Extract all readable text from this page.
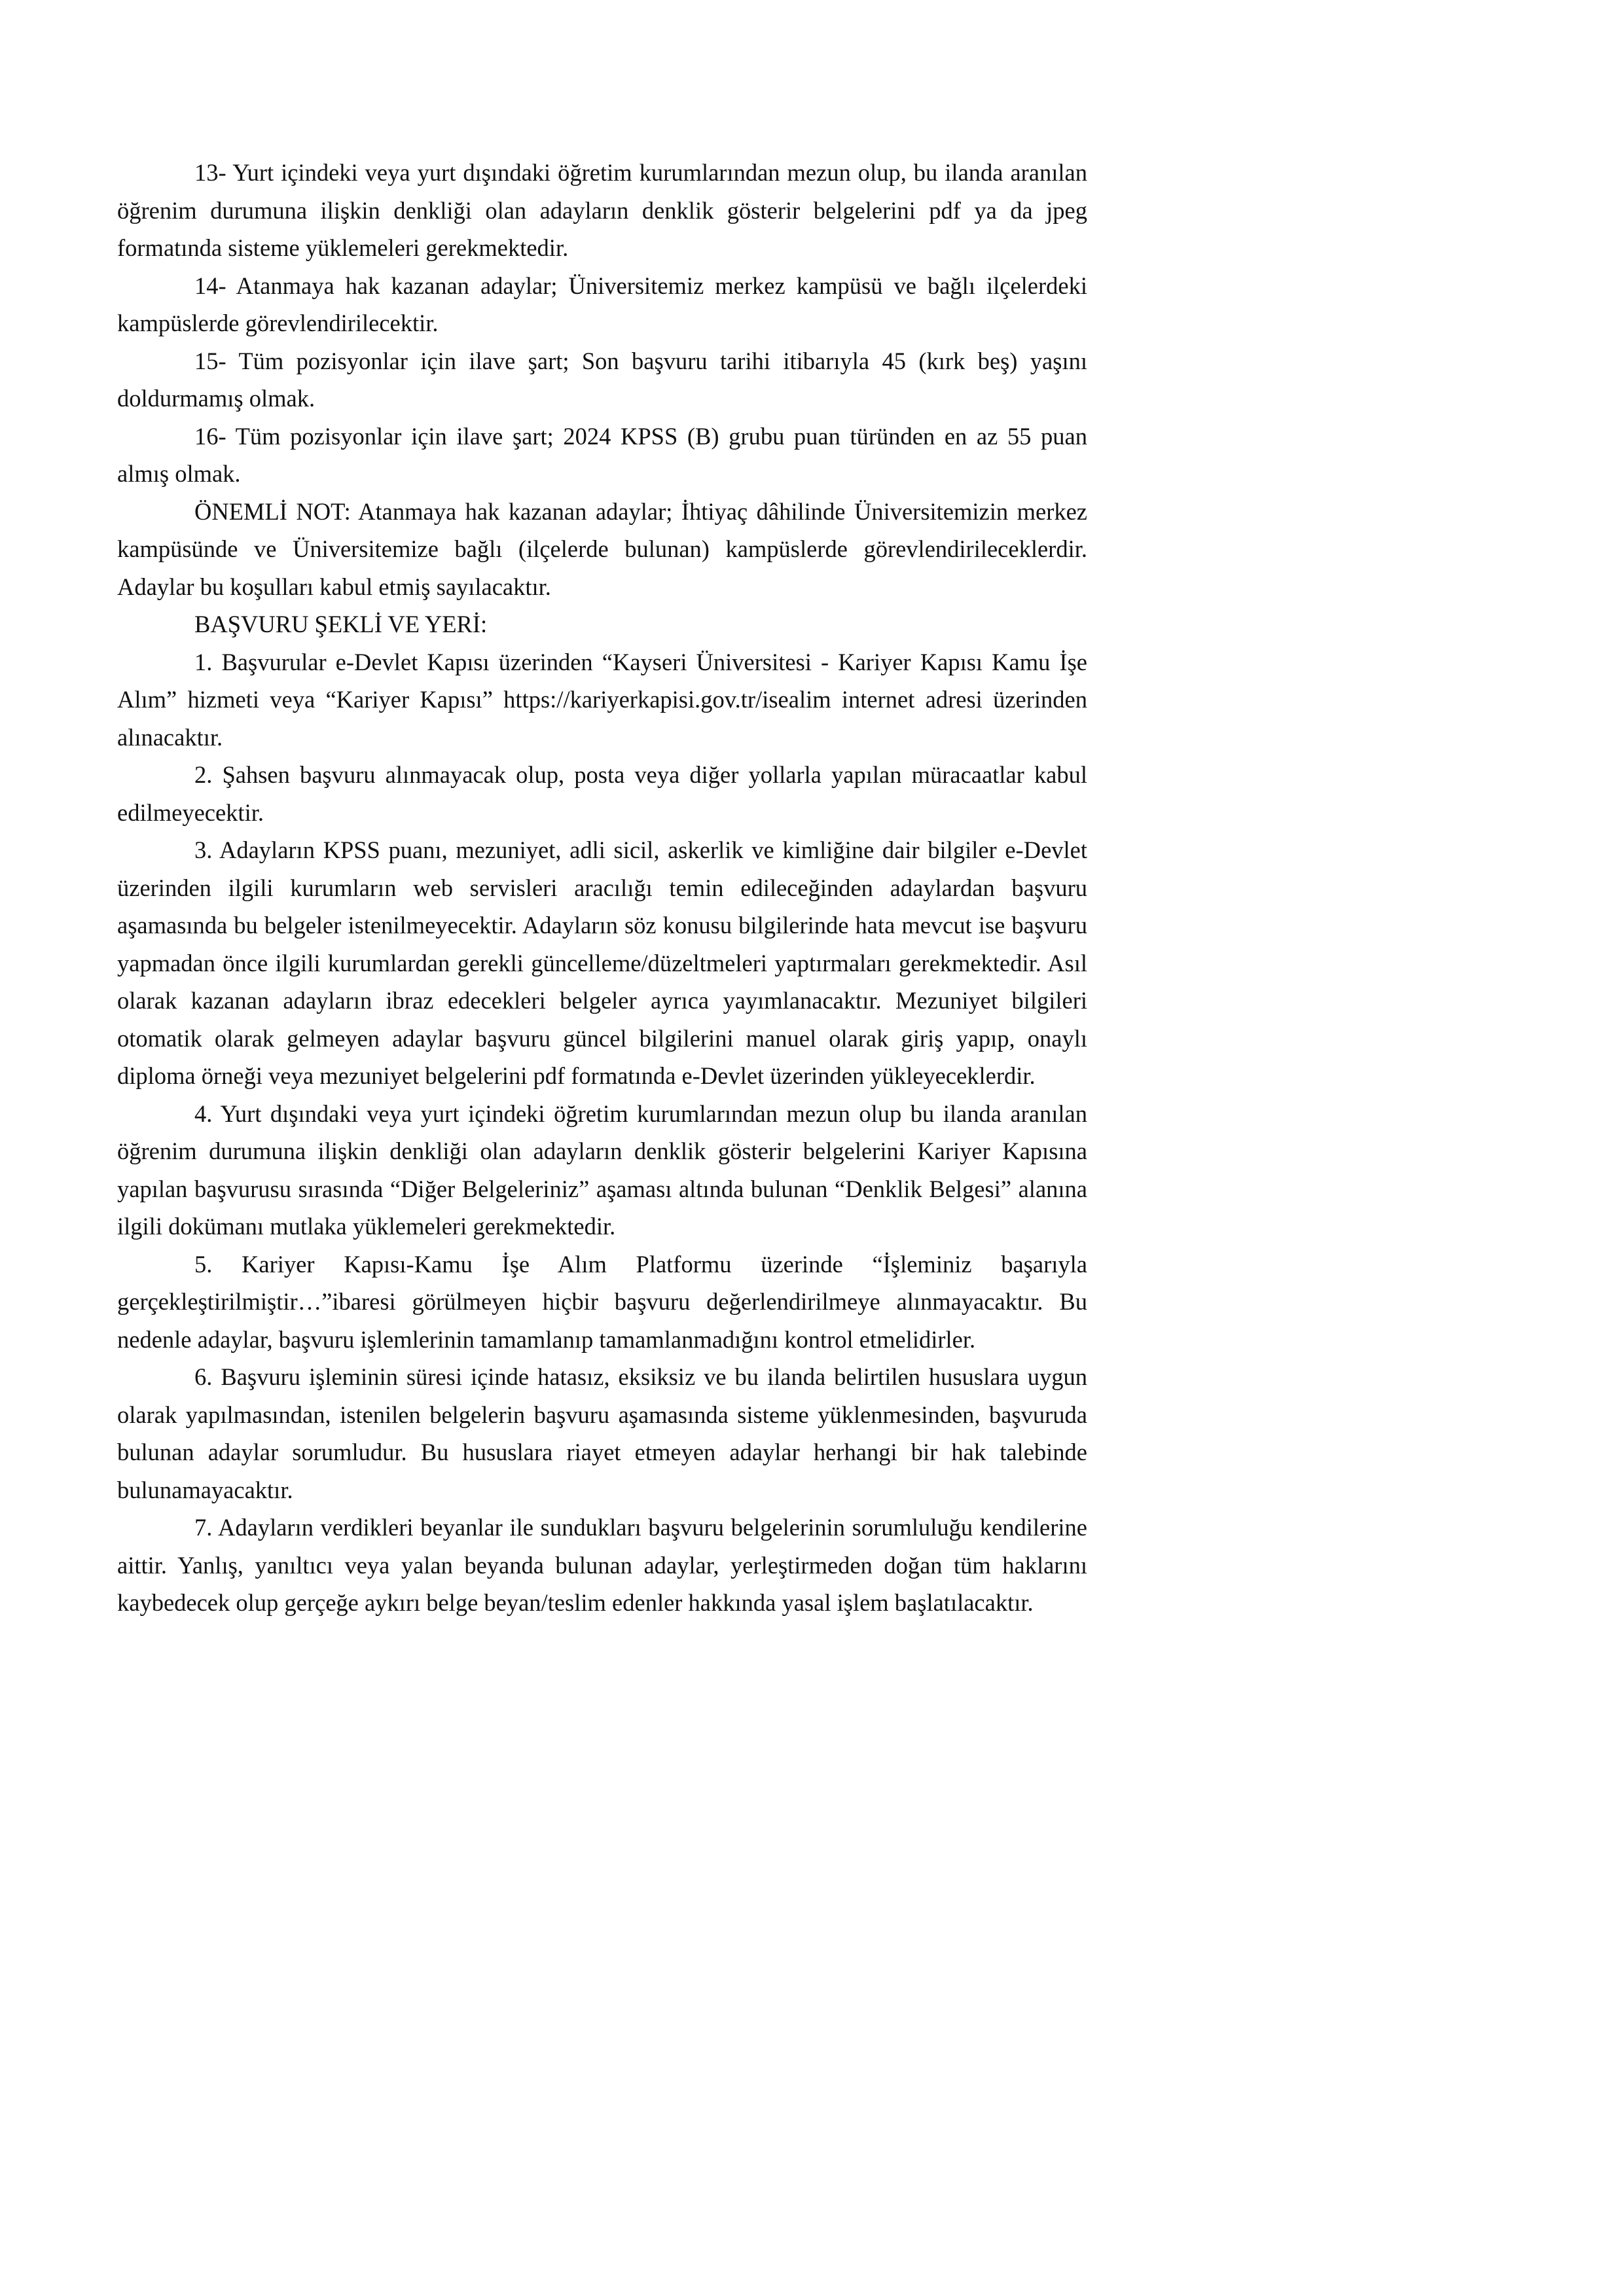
13- Yurt içindeki veya yurt dışındaki öğretim kurumlarından mezun olup, bu ilanda aranılan öğrenim durumuna ilişkin denkliği olan adayların denklik gösterir belgelerini pdf ya da jpeg formatında sisteme yüklemeleri gerekmektedir.

14- Atanmaya hak kazanan adaylar; Üniversitemiz merkez kampüsü ve bağlı ilçelerdeki kampüslerde görevlendirilecektir.

15- Tüm pozisyonlar için ilave şart; Son başvuru tarihi itibarıyla 45 (kırk beş) yaşını doldurmamış olmak.

16- Tüm pozisyonlar için ilave şart; 2024 KPSS (B) grubu puan türünden en az 55 puan almış olmak.

ÖNEMLİ NOT: Atanmaya hak kazanan adaylar; İhtiyaç dâhilinde Üniversitemizin merkez kampüsünde ve Üniversitemize bağlı (ilçelerde bulunan) kampüslerde görevlendirileceklerdir. Adaylar bu koşulları kabul etmiş sayılacaktır.

BAŞVURU ŞEKLİ VE YERİ:

1. Başvurular e-Devlet Kapısı üzerinden “Kayseri Üniversitesi - Kariyer Kapısı Kamu İşe Alım” hizmeti veya “Kariyer Kapısı” https://kariyerkapisi.gov.tr/isealim internet adresi üzerinden alınacaktır.

2. Şahsen başvuru alınmayacak olup, posta veya diğer yollarla yapılan müracaatlar kabul edilmeyecektir.

3. Adayların KPSS puanı, mezuniyet, adli sicil, askerlik ve kimliğine dair bilgiler e-Devlet üzerinden ilgili kurumların web servisleri aracılığı temin edileceğinden adaylardan başvuru aşamasında bu belgeler istenilmeyecektir. Adayların söz konusu bilgilerinde hata mevcut ise başvuru yapmadan önce ilgili kurumlardan gerekli güncelleme/düzeltmeleri yaptırmaları gerekmektedir. Asıl olarak kazanan adayların ibraz edecekleri belgeler ayrıca yayımlanacaktır. Mezuniyet bilgileri otomatik olarak gelmeyen adaylar başvuru güncel bilgilerini manuel olarak giriş yapıp, onaylı diploma örneği veya mezuniyet belgelerini pdf formatında e-Devlet üzerinden yükleyeceklerdir.

4. Yurt dışındaki veya yurt içindeki öğretim kurumlarından mezun olup bu ilanda aranılan öğrenim durumuna ilişkin denkliği olan adayların denklik gösterir belgelerini Kariyer Kapısına yapılan başvurusu sırasında “Diğer Belgeleriniz” aşaması altında bulunan “Denklik Belgesi” alanına ilgili dokümanı mutlaka yüklemeleri gerekmektedir.

5. Kariyer Kapısı-Kamu İşe Alım Platformu üzerinde “İşleminiz başarıyla gerçekleştirilmiştir…”ibaresi görülmeyen hiçbir başvuru değerlendirilmeye alınmayacaktır. Bu nedenle adaylar, başvuru işlemlerinin tamamlanıp tamamlanmadığını kontrol etmelidirler.

6. Başvuru işleminin süresi içinde hatasız, eksiksiz ve bu ilanda belirtilen hususlara uygun olarak yapılmasından, istenilen belgelerin başvuru aşamasında sisteme yüklenmesinden, başvuruda bulunan adaylar sorumludur. Bu hususlara riayet etmeyen adaylar herhangi bir hak talebinde bulunamayacaktır.

7. Adayların verdikleri beyanlar ile sundukları başvuru belgelerinin sorumluluğu kendilerine aittir. Yanlış, yanıltıcı veya yalan beyanda bulunan adaylar, yerleştirmeden doğan tüm haklarını kaybedecek olup gerçeğe aykırı belge beyan/teslim edenler hakkında yasal işlem başlatılacaktır.
